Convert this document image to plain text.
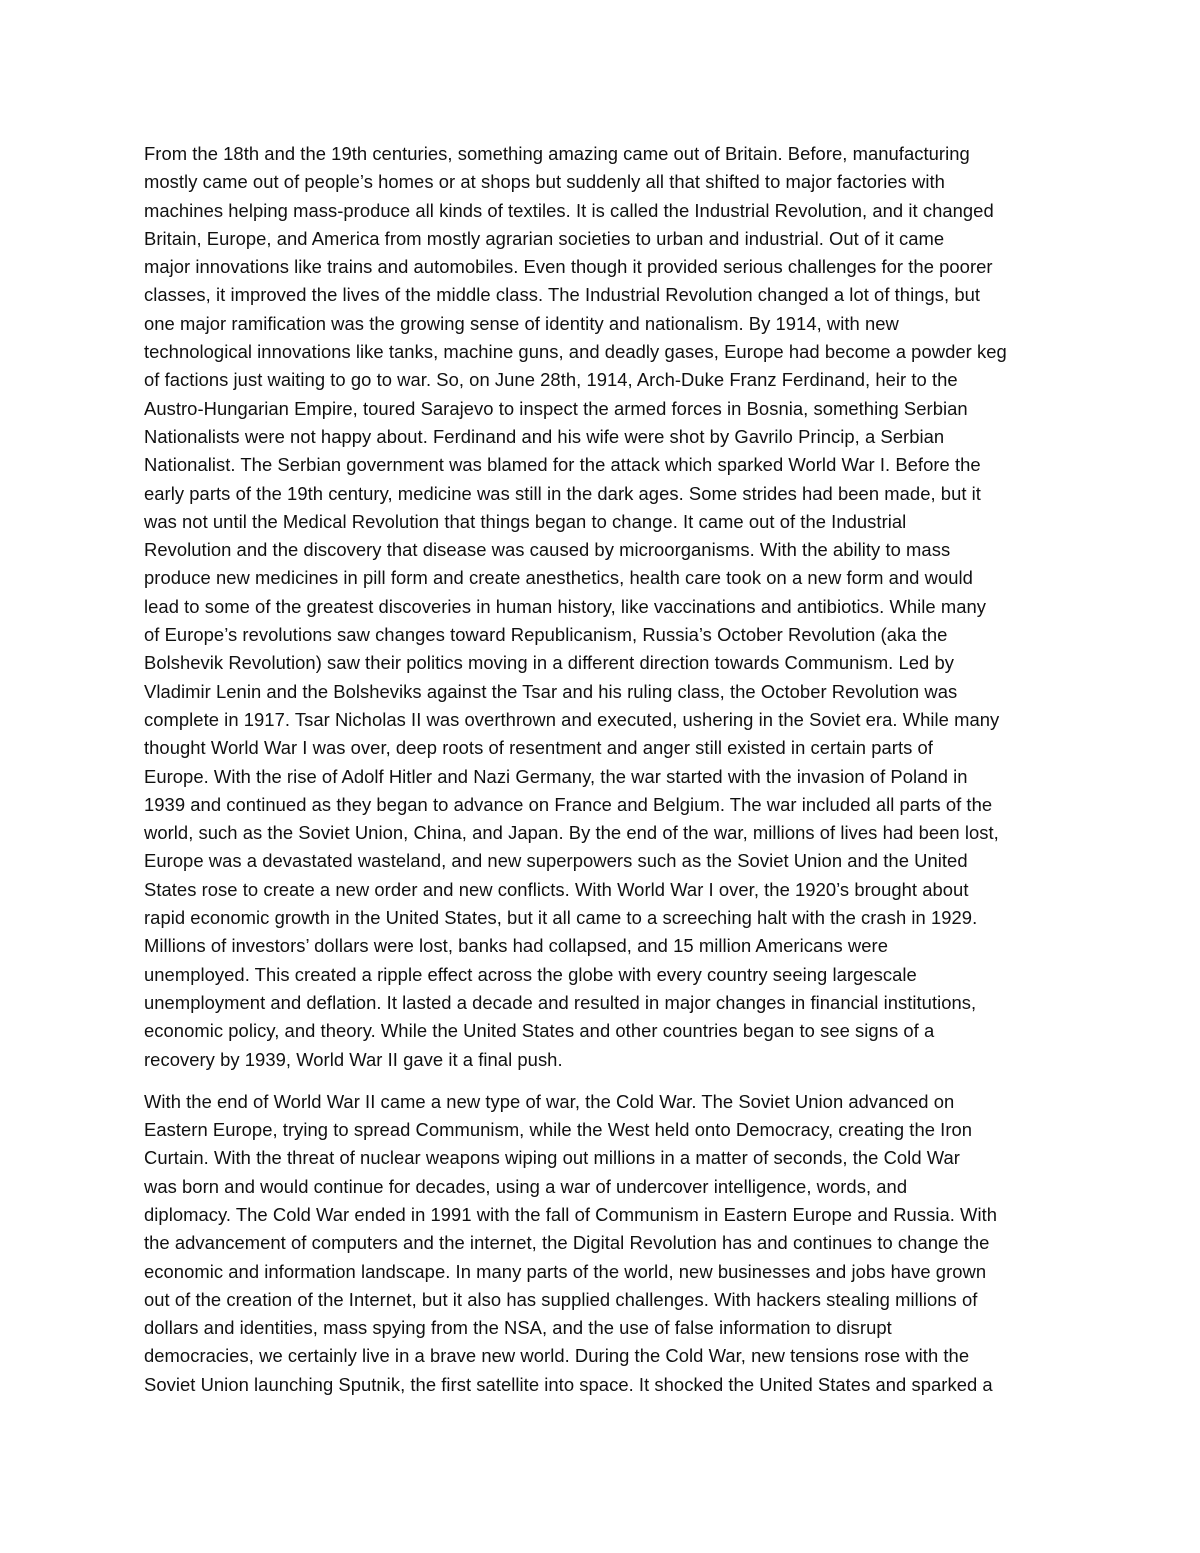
From the 18th and the 19th centuries, something amazing came out of Britain. Before, manufacturing
mostly came out of people’s homes or at shops but suddenly all that shifted to major factories with
machines helping mass-produce all kinds of textiles. It is called the Industrial Revolution, and it changed
Britain, Europe, and America from mostly agrarian societies to urban and industrial. Out of it came
major innovations like trains and automobiles. Even though it provided serious challenges for the poorer
classes, it improved the lives of the middle class. The Industrial Revolution changed a lot of things, but
one major ramification was the growing sense of identity and nationalism. By 1914, with new
technological innovations like tanks, machine guns, and deadly gases, Europe had become a powder keg
of factions just waiting to go to war. So, on June 28th, 1914, Arch-Duke Franz Ferdinand, heir to the
Austro-Hungarian Empire, toured Sarajevo to inspect the armed forces in Bosnia, something Serbian
Nationalists were not happy about. Ferdinand and his wife were shot by Gavrilo Princip, a Serbian
Nationalist. The Serbian government was blamed for the attack which sparked World War I. Before the
early parts of the 19th century, medicine was still in the dark ages. Some strides had been made, but it
was not until the Medical Revolution that things began to change. It came out of the Industrial
Revolution and the discovery that disease was caused by microorganisms. With the ability to mass
produce new medicines in pill form and create anesthetics, health care took on a new form and would
lead to some of the greatest discoveries in human history, like vaccinations and antibiotics. While many
of Europe’s revolutions saw changes toward Republicanism, Russia’s October Revolution (aka the
Bolshevik Revolution) saw their politics moving in a different direction towards Communism. Led by
Vladimir Lenin and the Bolsheviks against the Tsar and his ruling class, the October Revolution was
complete in 1917. Tsar Nicholas II was overthrown and executed, ushering in the Soviet era. While many
thought World War I was over, deep roots of resentment and anger still existed in certain parts of
Europe. With the rise of Adolf Hitler and Nazi Germany, the war started with the invasion of Poland in
1939 and continued as they began to advance on France and Belgium. The war included all parts of the
world, such as the Soviet Union, China, and Japan. By the end of the war, millions of lives had been lost,
Europe was a devastated wasteland, and new superpowers such as the Soviet Union and the United
States rose to create a new order and new conflicts. With World War I over, the 1920’s brought about
rapid economic growth in the United States, but it all came to a screeching halt with the crash in 1929.
Millions of investors’ dollars were lost, banks had collapsed, and 15 million Americans were
unemployed. This created a ripple effect across the globe with every country seeing largescale
unemployment and deflation. It lasted a decade and resulted in major changes in financial institutions,
economic policy, and theory. While the United States and other countries began to see signs of a
recovery by 1939, World War II gave it a final push.

With the end of World War II came a new type of war, the Cold War. The Soviet Union advanced on
Eastern Europe, trying to spread Communism, while the West held onto Democracy, creating the Iron
Curtain. With the threat of nuclear weapons wiping out millions in a matter of seconds, the Cold War
was born and would continue for decades, using a war of undercover intelligence, words, and
diplomacy. The Cold War ended in 1991 with the fall of Communism in Eastern Europe and Russia. With
the advancement of computers and the internet, the Digital Revolution has and continues to change the
economic and information landscape. In many parts of the world, new businesses and jobs have grown
out of the creation of the Internet, but it also has supplied challenges. With hackers stealing millions of
dollars and identities, mass spying from the NSA, and the use of false information to disrupt
democracies, we certainly live in a brave new world. During the Cold War, new tensions rose with the
Soviet Union launching Sputnik, the first satellite into space. It shocked the United States and sparked a
